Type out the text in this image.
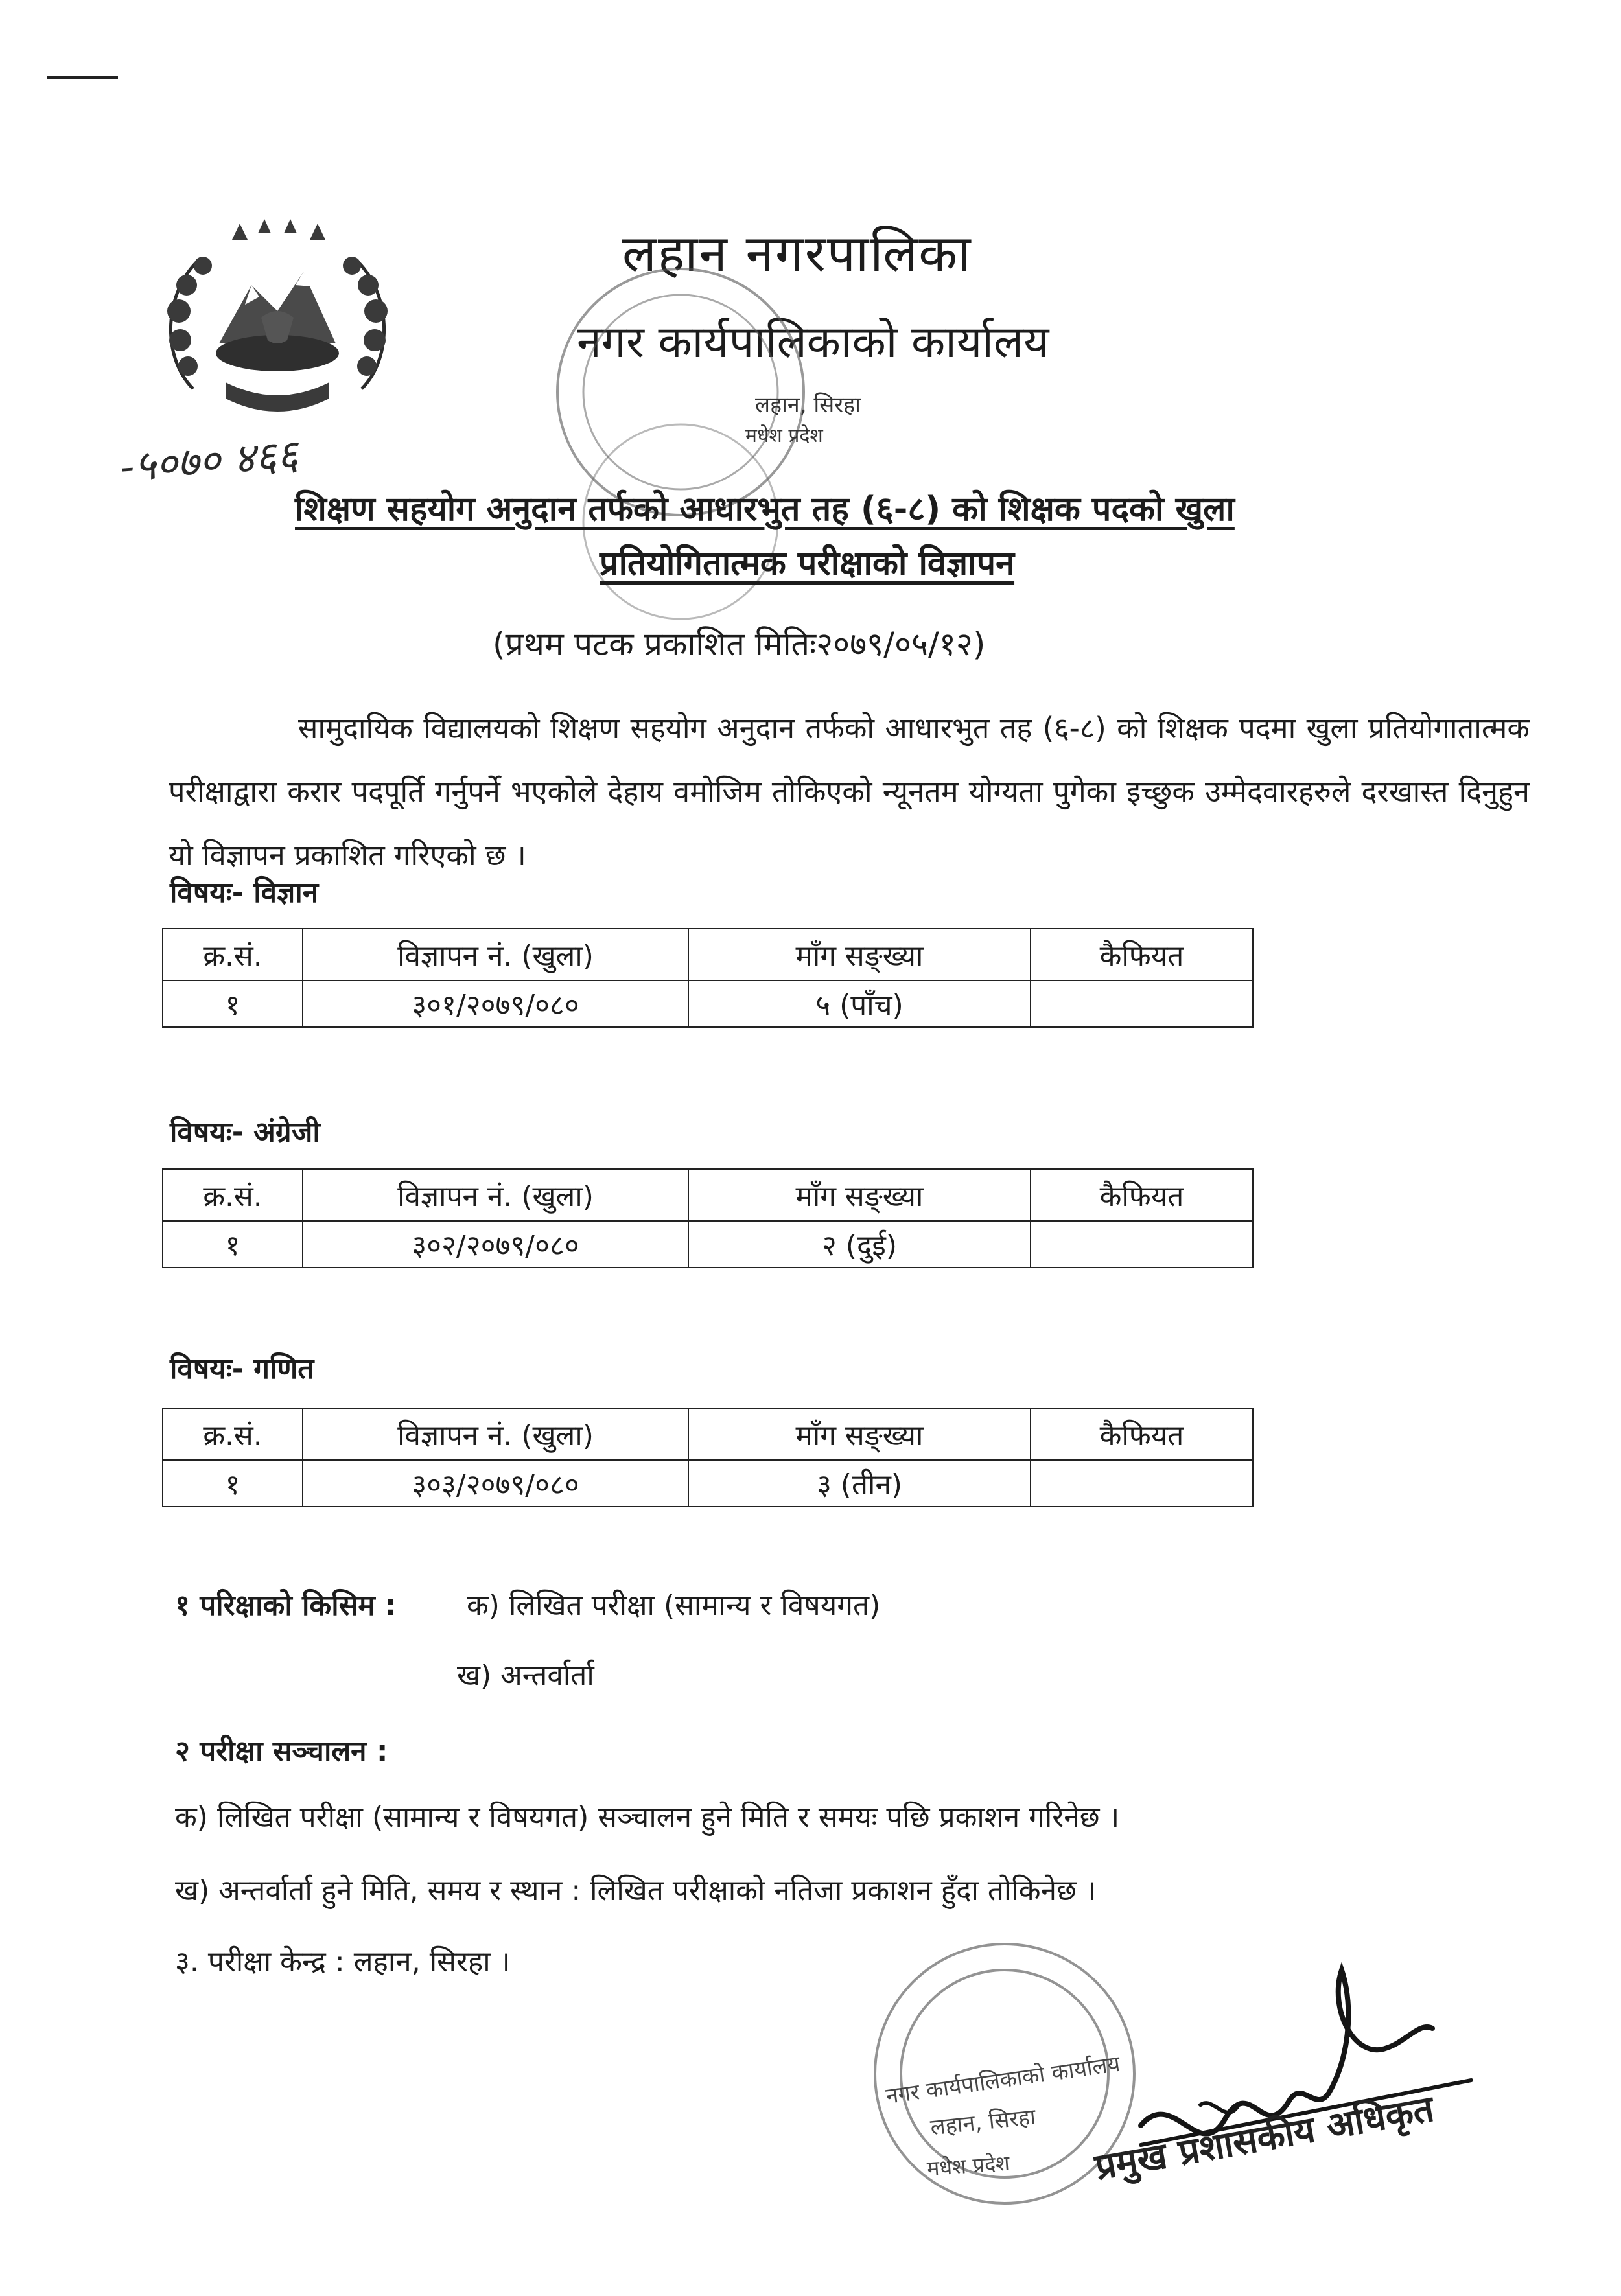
लहान नगरपालिका
नगर कार्यपालिकाको कार्यालय
लहान, सिरहा
मधेश प्रदेश
-५०७० ४६६
शिक्षण सहयोग अनुदान तर्फको आधारभुत तह (६-८) को शिक्षक पदको खुला
प्रतियोगितात्मक परीक्षाको विज्ञापन
(प्रथम पटक प्रकाशित मितिः२०७९/०५/१२)
सामुदायिक विद्यालयको शिक्षण सहयोग अनुदान तर्फको आधारभुत तह (६-८) को शिक्षक पदमा खुला प्रतियोगातात्मक परीक्षाद्वारा करार पदपूर्ति गर्नुपर्ने भएकोले देहाय वमोजिम तोकिएको न्यूनतम योग्यता पुगेका इच्छुक उम्मेदवारहरुले दरखास्त दिनुहुन यो विज्ञापन प्रकाशित गरिएको छ ।
विषयः- विज्ञान
क्र.सं.	विज्ञापन नं. (खुला)	माँग सङ्ख्या	कैफियत
१	३०१/२०७९/०८०	५ (पाँच)	
विषयः- अंग्रेजी
क्र.सं.	विज्ञापन नं. (खुला)	माँग सङ्ख्या	कैफियत
१	३०२/२०७९/०८०	२ (दुई)	
विषयः- गणित
क्र.सं.	विज्ञापन नं. (खुला)	माँग सङ्ख्या	कैफियत
१	३०३/२०७९/०८०	३ (तीन)	
१ परिक्षाको किसिम : क) लिखित परीक्षा (सामान्य र विषयगत)
ख) अन्तर्वार्ता
२ परीक्षा सञ्चालन :
क) लिखित परीक्षा (सामान्य र विषयगत) सञ्चालन हुने मिति र समयः पछि प्रकाशन गरिनेछ ।
ख) अन्तर्वार्ता हुने मिति, समय र स्थान : लिखित परीक्षाको नतिजा प्रकाशन हुँदा तोकिनेछ ।
३. परीक्षा केन्द्र : लहान, सिरहा ।
नगर कार्यपालिकाको कार्यालय
लहान, सिरहा
मधेश प्रदेश प्रमुख प्रशासकीय अधिकृत
